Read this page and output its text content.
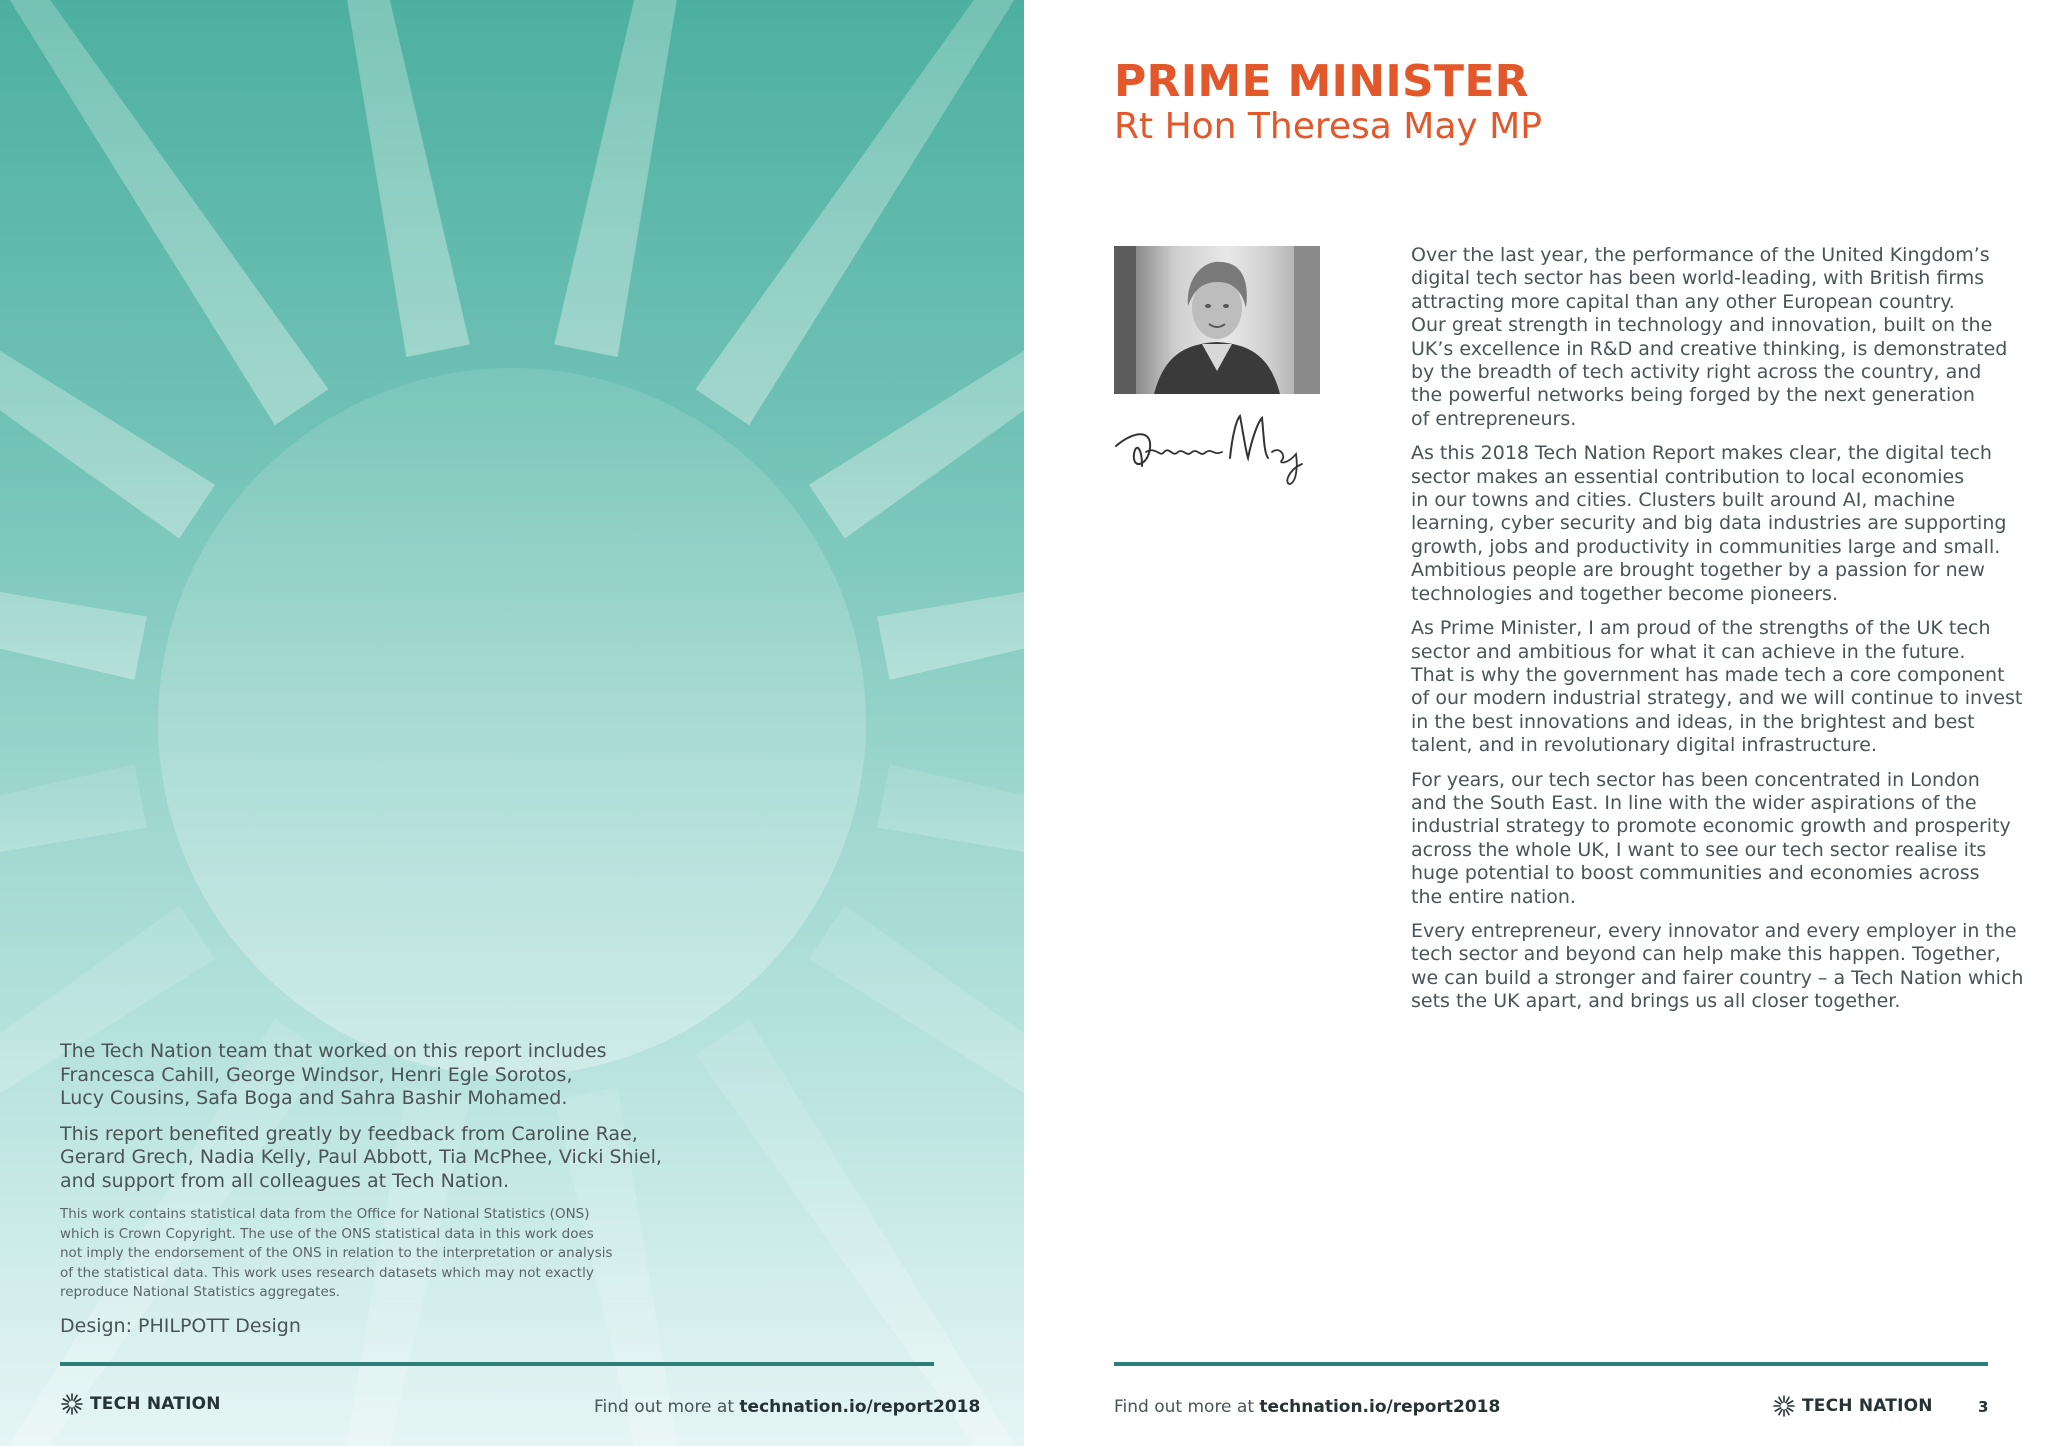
The Tech Nation team that worked on this report includes
Francesca Cahill, George Windsor, Henri Egle Sorotos,
Lucy Cousins, Safa Boga and Sahra Bashir Mohamed.

This report benefited greatly by feedback from Caroline Rae,
Gerard Grech, Nadia Kelly, Paul Abbott, Tia McPhee, Vicki Shiel,
and support from all colleagues at Tech Nation.

This work contains statistical data from the Office for National Statistics (ONS)
which is Crown Copyright. The use of the ONS statistical data in this work does
not imply the endorsement of the ONS in relation to the interpretation or analysis
of the statistical data. This work uses research datasets which may not exactly
reproduce National Statistics aggregates.

Design: PHILPOTT Design
TECH NATION	Find out more at technation.io/report2018
PRIME MINISTER
Rt Hon Theresa May MP

Over the last year, the performance of the United Kingdom’s
digital tech sector has been world-leading, with British firms
attracting more capital than any other European country.
Our great strength in technology and innovation, built on the
UK’s excellence in R&D and creative thinking, is demonstrated
by the breadth of tech activity right across the country, and
the powerful networks being forged by the next generation
of entrepreneurs.

As this 2018 Tech Nation Report makes clear, the digital tech
sector makes an essential contribution to local economies
in our towns and cities. Clusters built around AI, machine
learning, cyber security and big data industries are supporting
growth, jobs and productivity in communities large and small.
Ambitious people are brought together by a passion for new
technologies and together become pioneers.

As Prime Minister, I am proud of the strengths of the UK tech
sector and ambitious for what it can achieve in the future.
That is why the government has made tech a core component
of our modern industrial strategy, and we will continue to invest
in the best innovations and ideas, in the brightest and best
talent, and in revolutionary digital infrastructure.

For years, our tech sector has been concentrated in London
and the South East. In line with the wider aspirations of the
industrial strategy to promote economic growth and prosperity
across the whole UK, I want to see our tech sector realise its
huge potential to boost communities and economies across
the entire nation.

Every entrepreneur, every innovator and every employer in the
tech sector and beyond can help make this happen. Together,
we can build a stronger and fairer country – a Tech Nation which
sets the UK apart, and brings us all closer together.

Find out more at technation.io/report2018	TECH NATION	3
